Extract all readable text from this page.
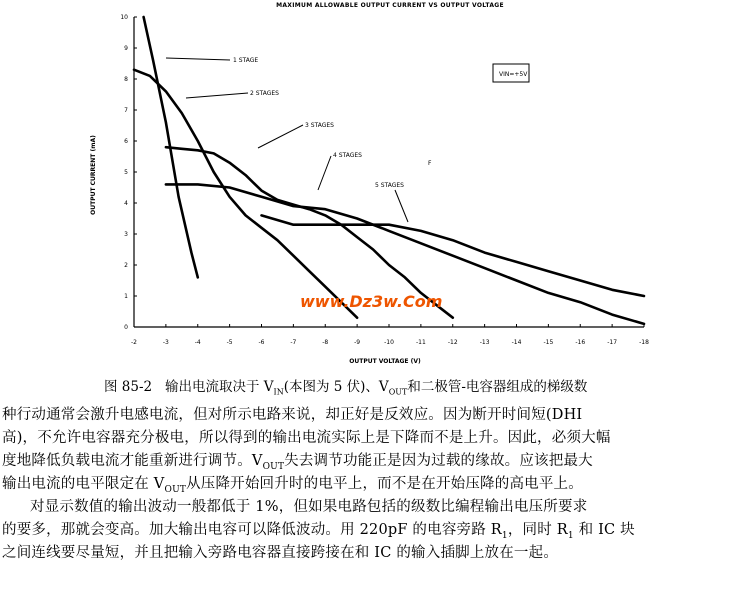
MAXIMUM ALLOWABLE OUTPUT CURRENT VS OUTPUT VOLTAGE
-2	-3	-4	-5	-6	-7	-8	-9	-10	-11	-12	-13	-14	-15	-16	-17	-18
0
1
2
3
4
5
6
7
8
9
10
1 STAGE
2 STAGES
3 STAGES
4 STAGES
5 STAGES
VIN=+5V
F
OUTPUT VOLTAGE (V)
OUTPUT CURRENT (mA)
www.Dz3w.Com
图 85-2 输出电流取决于 $V_{IN}$(本图为 5 伏)、$V_{OUT}$和二极管-电容器组成的梯级数
种行动通常会激升电感电流，但对所示电路来说，却正好是反效应。因为断开时间短(DHI
高)，不允许电容器充分极电，所以得到的输出电流实际上是下降而不是上升。因此，必须大幅
度地降低负载电流才能重新进行调节。$V_{OUT}$失去调节功能正是因为过载的缘故。应该把最大
输出电流的电平限定在 $V_{OUT}$从压降开始回升时的电平上，而不是在开始压降的高电平上。
对显示数值的输出波动一般都低于 1%，但如果电路包括的级数比编程输出电压所要求
的要多，那就会变高。加大输出电容可以降低波动。用 220pF 的电容旁路 $R_1$，同时 $R_1$ 和 IC 块
之间连线要尽量短，并且把输入旁路电容器直接跨接在和 IC 的输入插脚上放在一起。
